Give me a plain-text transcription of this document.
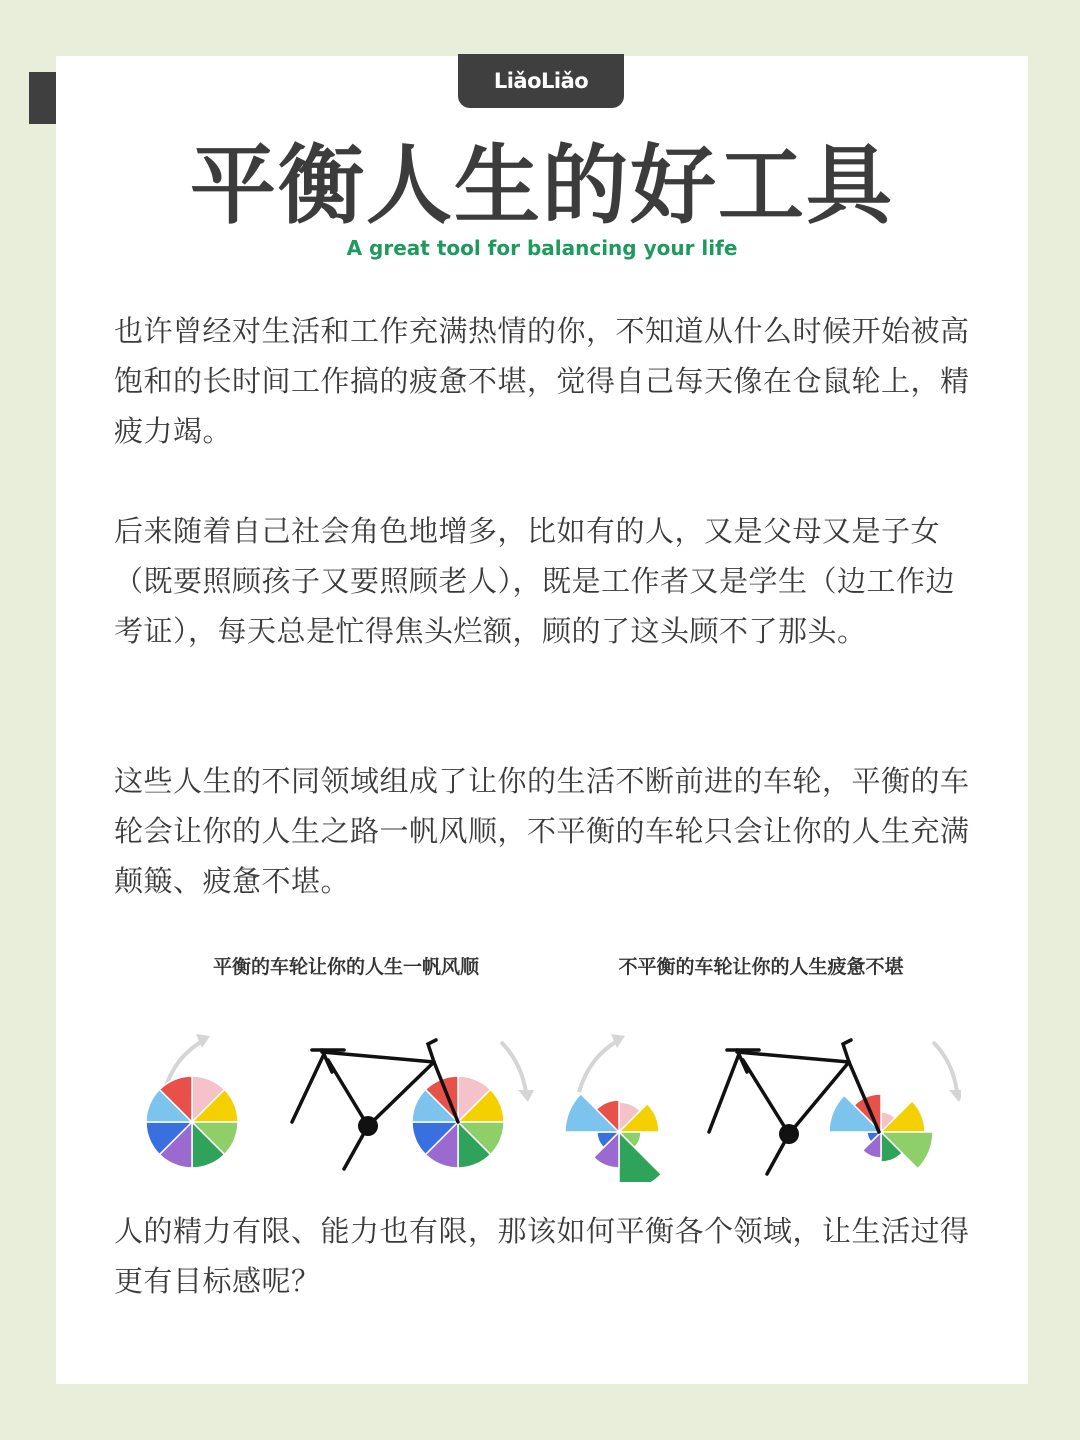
LiǎoLiǎo
平衡人生的好工具

A great tool for balancing your life

也许曾经对生活和工作充满热情的你，不知道从什么时候开始被高饱和的长时间工作搞的疲惫不堪，觉得自己每天像在仓鼠轮上，精疲力竭。

后来随着自己社会角色地增多，比如有的人，又是父母又是子女（既要照顾孩子又要照顾老人），既是工作者又是学生（边工作边考证），每天总是忙得焦头烂额，顾的了这头顾不了那头。

这些人生的不同领域组成了让你的生活不断前进的车轮，平衡的车轮会让你的人生之路一帆风顺，不平衡的车轮只会让你的人生充满颠簸、疲惫不堪。

平衡的车轮让你的人生一帆风顺	不平衡的车轮让你的人生疲惫不堪

人的精力有限、能力也有限，那该如何平衡各个领域，让生活过得更有目标感呢？
